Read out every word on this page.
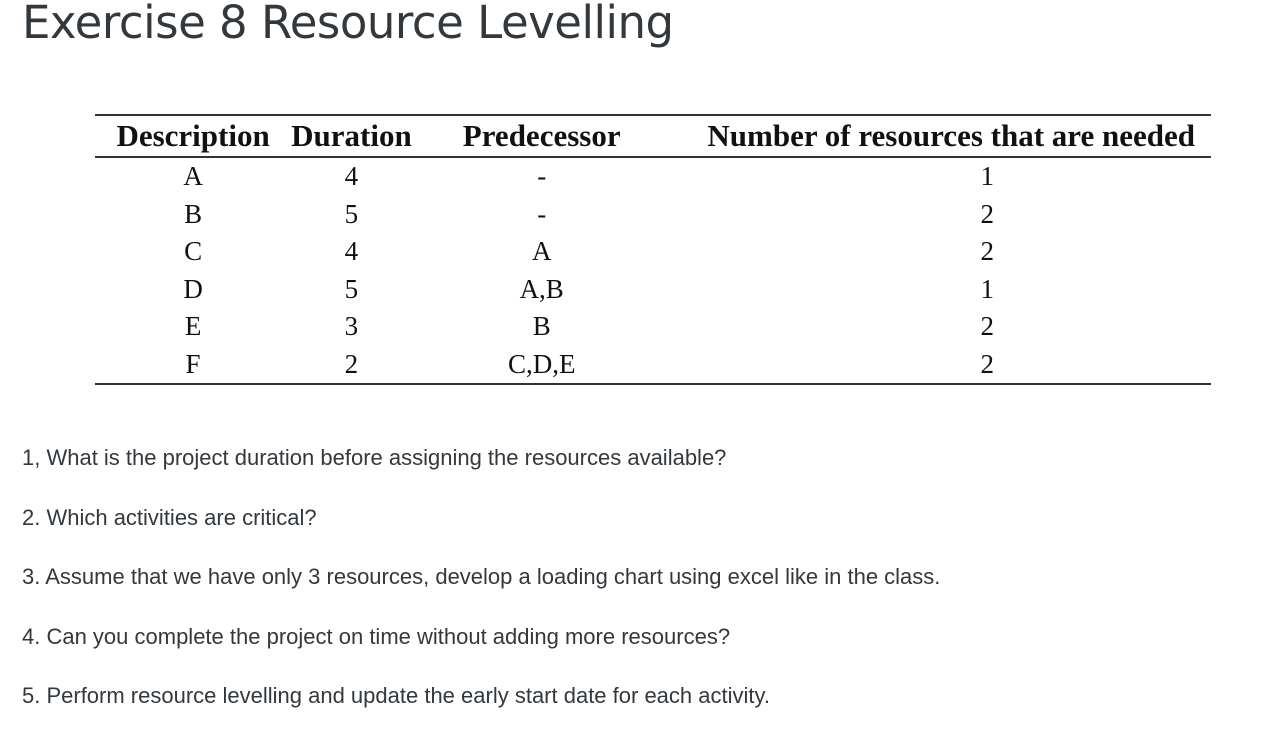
Exercise 8 Resource Levelling
Description	Duration	Predecessor	Number of resources that are needed
A	4	-	1
B	5	-	2
C	4	A	2
D	5	A,B	1
E	3	B	2
F	2	C,D,E	2
1, What is the project duration before assigning the resources available?
2. Which activities are critical?
3. Assume that we have only 3 resources, develop a loading chart using excel like in the class.
4. Can you complete the project on time without adding more resources?
5. Perform resource levelling and update the early start date for each activity.
